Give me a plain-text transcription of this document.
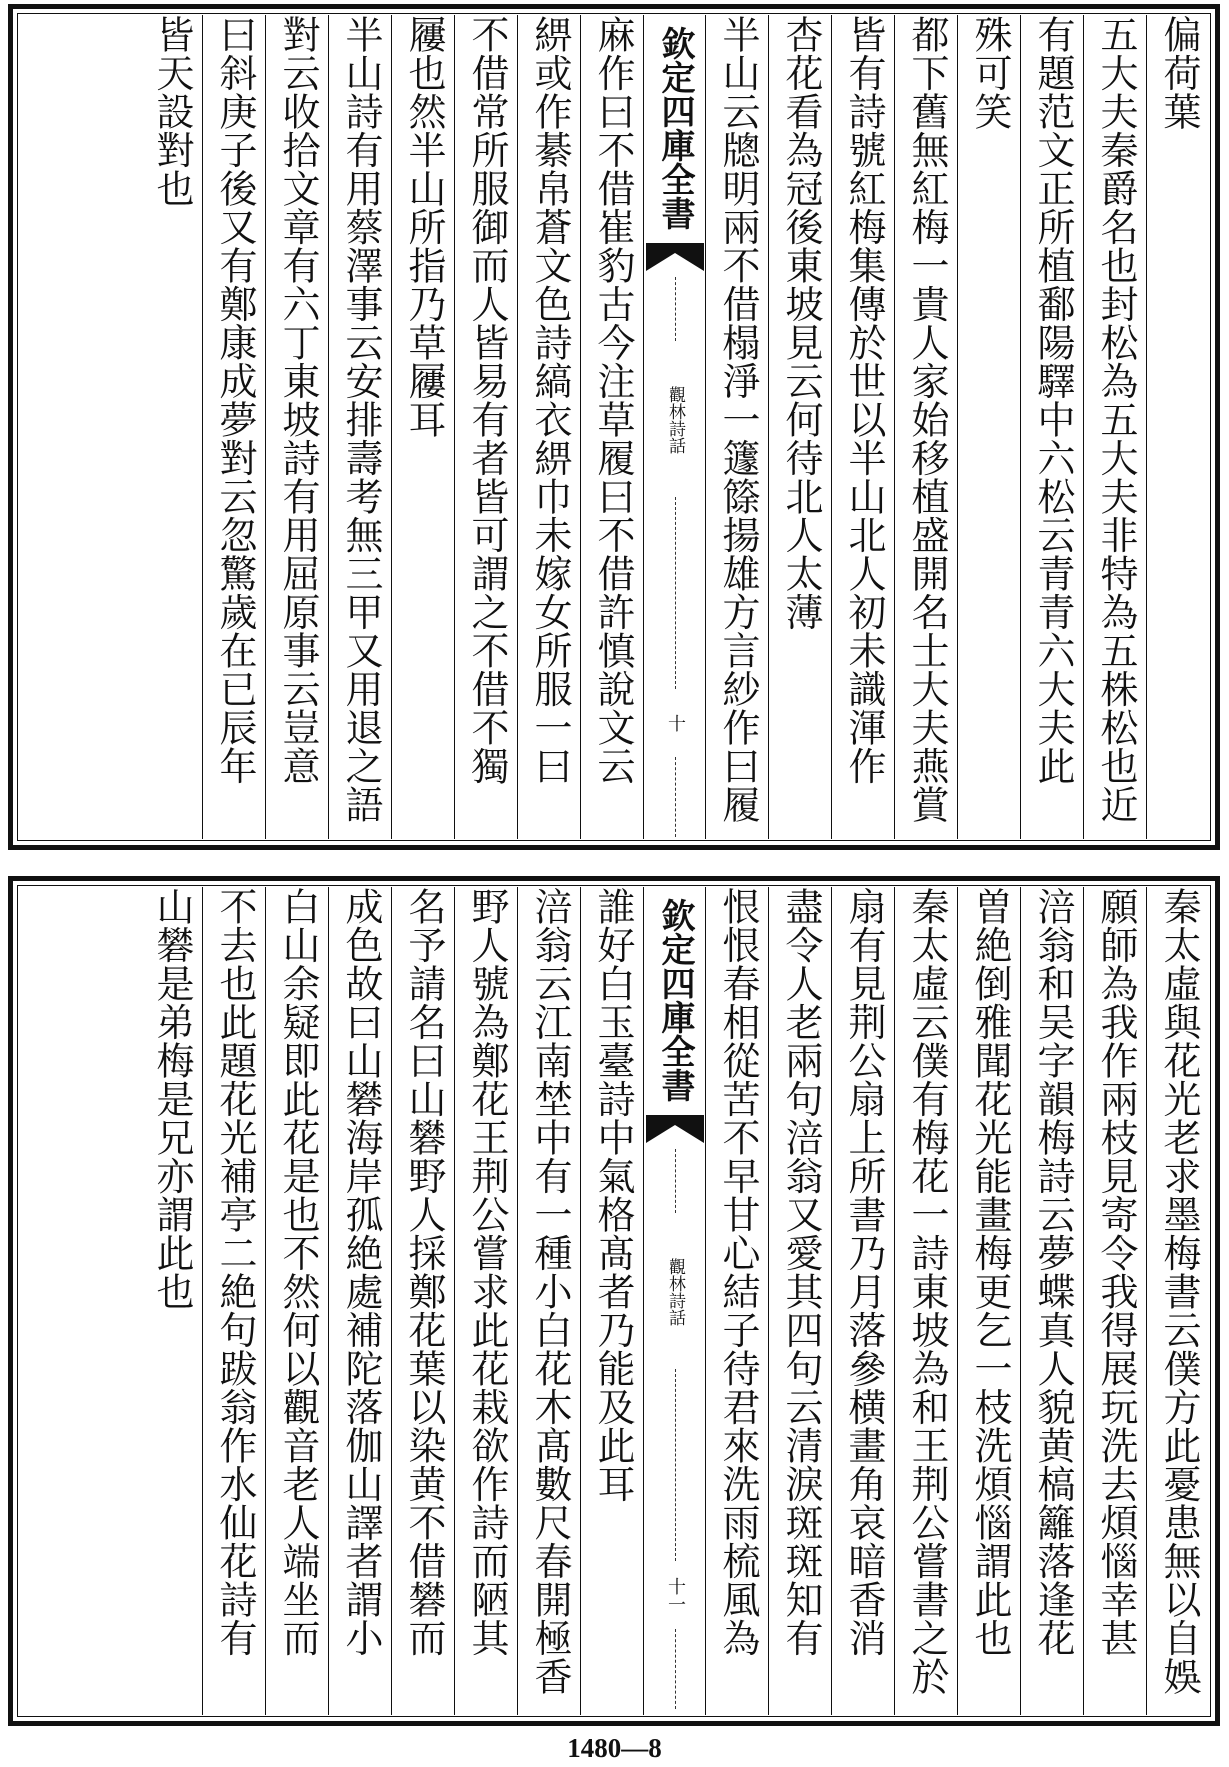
偏荷葉
五大夫秦爵名也封松為五大夫非特為五株松也近
有題范文正所植鄱陽驛中六松云青青六大夫此
殊可笑
都下舊無紅梅一貴人家始移植盛開名士大夫燕賞
皆有詩號紅梅集傳於世以半山北人初未識渾作
杏花看為冠後東坡見云何待北人太薄
半山云牕明兩不借榻淨一籧篨揚雄方言紗作曰履
欽定四庫全書
觀林詩話
十
麻作曰不借崔豹古今注草履曰不借許慎說文云
綥或作綦帛蒼文色詩縞衣綥巾未嫁女所服一曰
不借常所服御而人皆易有者皆可謂之不借不獨
屨也然半山所指乃草屨耳
半山詩有用蔡澤事云安排壽考無三甲又用退之語
對云收拾文章有六丁東坡詩有用屈原事云豈意
曰斜庚子後又有鄭康成夢對云忽驚歲在已辰年
皆天設對也
秦太虛與花光老求墨梅書云僕方此憂患無以自娛
願師為我作兩枝見寄令我得展玩洗去煩惱幸甚
涪翁和吴字韻梅詩云夢蝶真人貌黄槁籬落逢花
曽絶倒雅聞花光能畫梅更乞一枝洗煩惱謂此也
秦太虛云僕有梅花一詩東坡為和王荆公嘗書之於
扇有見荆公扇上所書乃月落參横畫角哀暗香消
盡令人老兩句涪翁又愛其四句云清淚斑斑知有
恨恨春相從苦不早甘心結子待君來洗雨梳風為
欽定四庫全書
觀林詩話
十一
誰好白玉臺詩中氣格髙者乃能及此耳
涪翁云江南埜中有一種小白花木髙數尺春開極香
野人號為鄭花王荆公嘗求此花栽欲作詩而陋其
名予請名曰山礬野人採鄭花葉以染黄不借礬而
成色故曰山礬海岸孤絶處補陀落伽山譯者謂小
白山余疑即此花是也不然何以觀音老人端坐而
不去也此題花光補亭二絶句跋翁作水仙花詩有
山礬是弟梅是兄亦謂此也
1480—8
